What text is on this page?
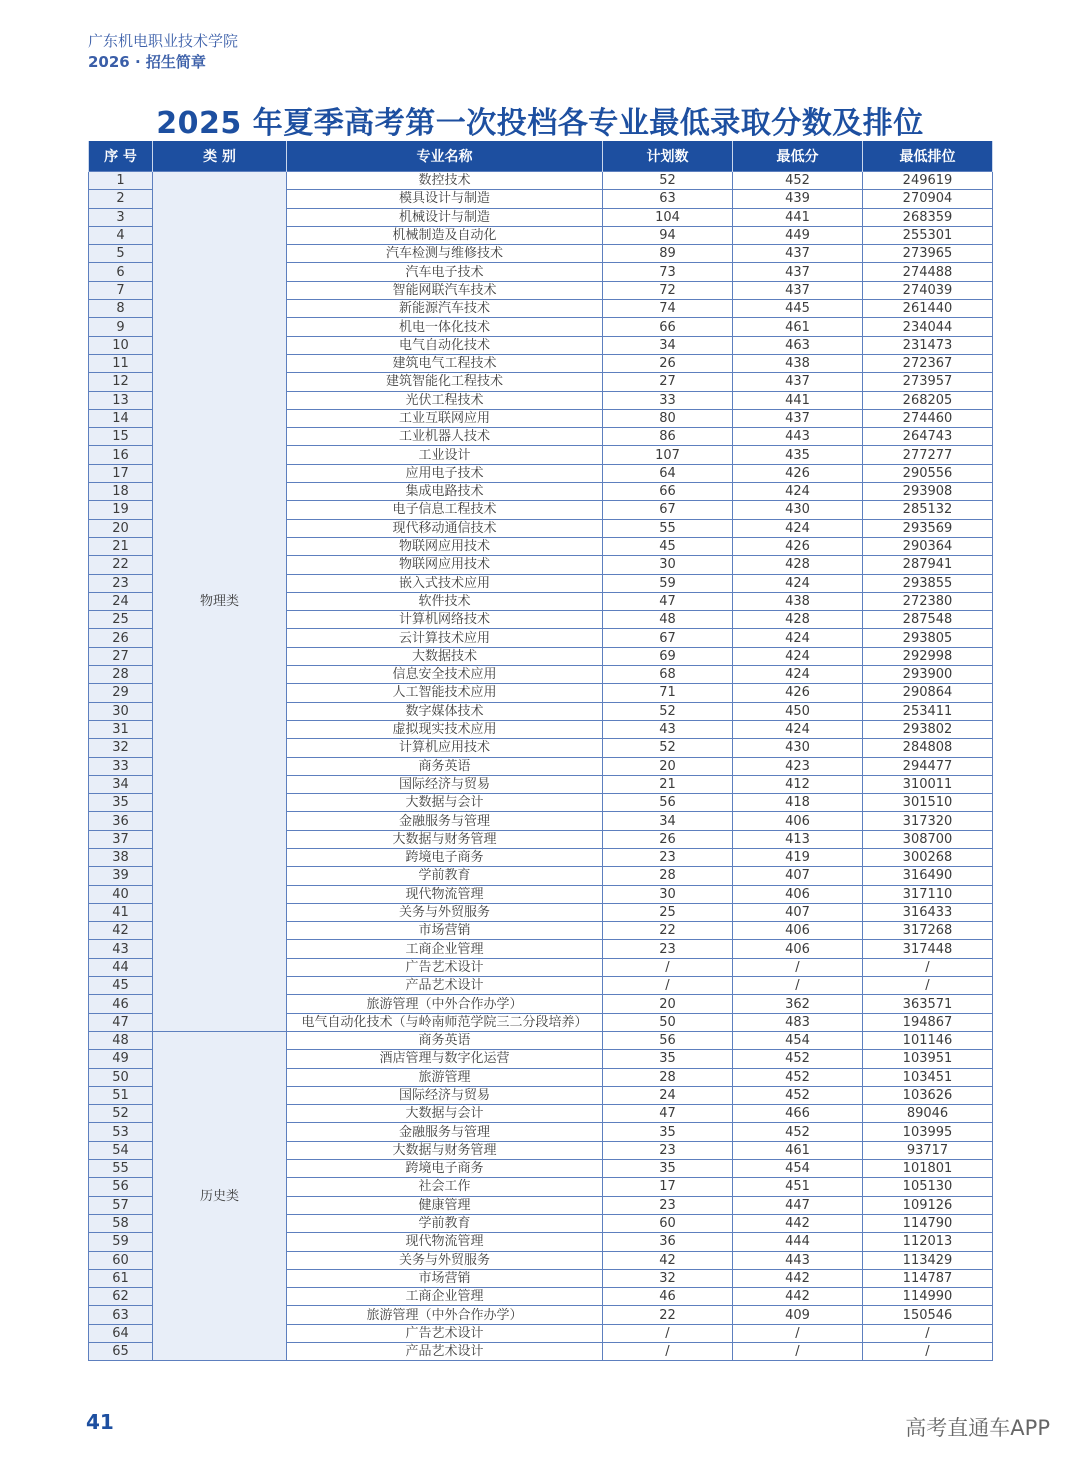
广东机电职业技术学院
2026 · 招生简章
2025 年夏季高考第一次投档各专业最低录取分数及排位
序 号	类 别	专业名称	计划数	最低分	最低排位
1	物理类	数控技术	52	452	249619
2		模具设计与制造	63	439	270904
3		机械设计与制造	104	441	268359
4		机械制造及自动化	94	449	255301
5		汽车检测与维修技术	89	437	273965
6		汽车电子技术	73	437	274488
7		智能网联汽车技术	72	437	274039
8		新能源汽车技术	74	445	261440
9		机电一体化技术	66	461	234044
10		电气自动化技术	34	463	231473
11		建筑电气工程技术	26	438	272367
12		建筑智能化工程技术	27	437	273957
13		光伏工程技术	33	441	268205
14		工业互联网应用	80	437	274460
15		工业机器人技术	86	443	264743
16		工业设计	107	435	277277
17		应用电子技术	64	426	290556
18		集成电路技术	66	424	293908
19		电子信息工程技术	67	430	285132
20		现代移动通信技术	55	424	293569
21		物联网应用技术	45	426	290364
22		物联网应用技术	30	428	287941
23		嵌入式技术应用	59	424	293855
24		软件技术	47	438	272380
25		计算机网络技术	48	428	287548
26		云计算技术应用	67	424	293805
27		大数据技术	69	424	292998
28		信息安全技术应用	68	424	293900
29		人工智能技术应用	71	426	290864
30		数字媒体技术	52	450	253411
31		虚拟现实技术应用	43	424	293802
32		计算机应用技术	52	430	284808
33		商务英语	20	423	294477
34		国际经济与贸易	21	412	310011
35		大数据与会计	56	418	301510
36		金融服务与管理	34	406	317320
37		大数据与财务管理	26	413	308700
38		跨境电子商务	23	419	300268
39		学前教育	28	407	316490
40		现代物流管理	30	406	317110
41		关务与外贸服务	25	407	316433
42		市场营销	22	406	317268
43		工商企业管理	23	406	317448
44		广告艺术设计	/	/	/
45		产品艺术设计	/	/	/
46		旅游管理（中外合作办学）	20	362	363571
47		电气自动化技术（与岭南师范学院三二分段培养）	50	483	194867
48	历史类	商务英语	56	454	101146
49		酒店管理与数字化运营	35	452	103951
50		旅游管理	28	452	103451
51		国际经济与贸易	24	452	103626
52		大数据与会计	47	466	89046
53		金融服务与管理	35	452	103995
54		大数据与财务管理	23	461	93717
55		跨境电子商务	35	454	101801
56		社会工作	17	451	105130
57		健康管理	23	447	109126
58		学前教育	60	442	114790
59		现代物流管理	36	444	112013
60		关务与外贸服务	42	443	113429
61		市场营销	32	442	114787
62		工商企业管理	46	442	114990
63		旅游管理（中外合作办学）	22	409	150546
64		广告艺术设计	/	/	/
65		产品艺术设计	/	/	/
41	高考直通车APP
